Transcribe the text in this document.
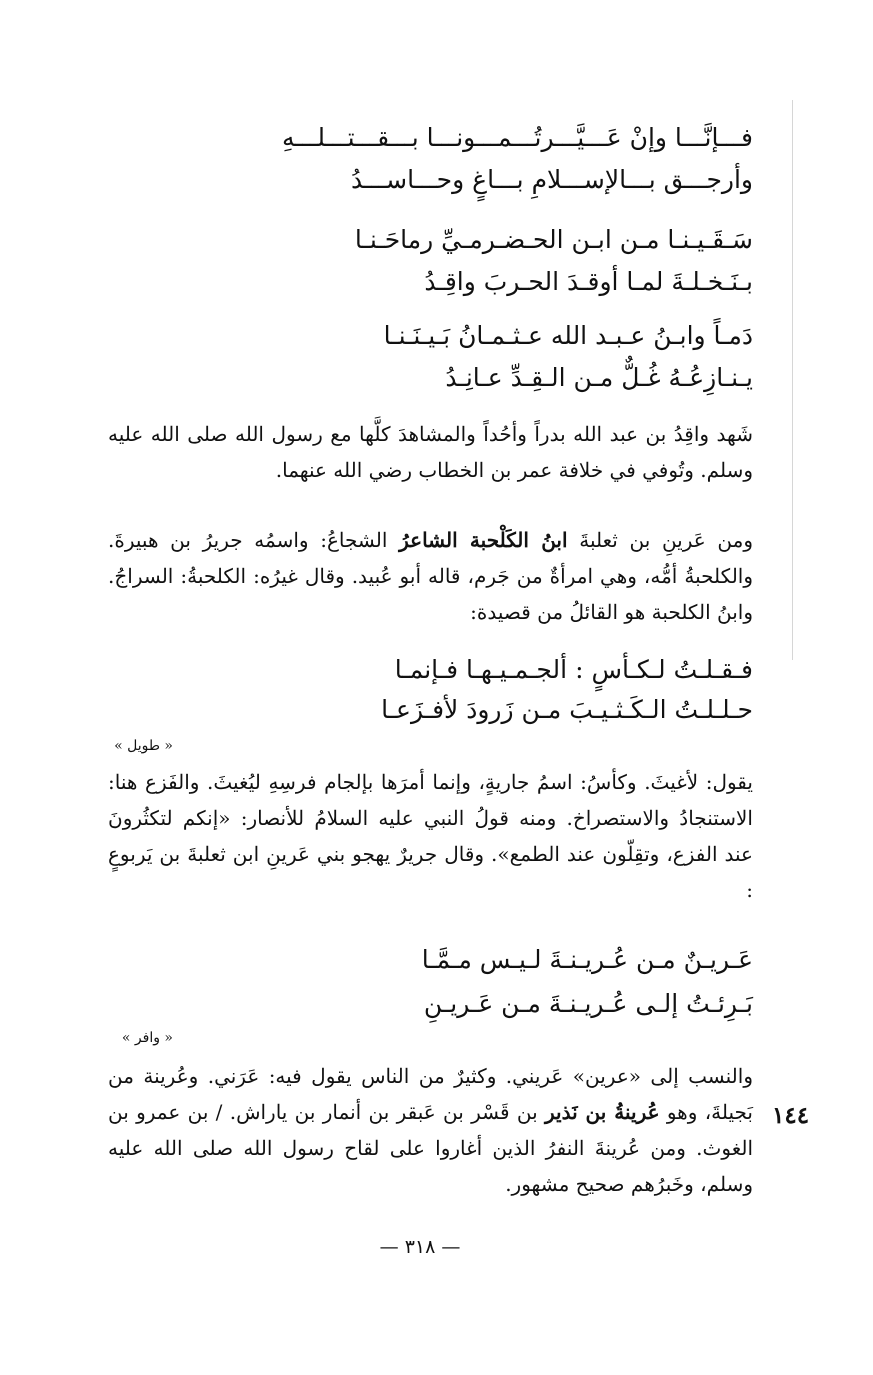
فـــإنَّـــا وإنْ عَـــيَّـــرتُـــمـــونـــا بـــقـــتـــلـــهِ
وأرجـــق بـــالإســـلامِ بـــاغٍ وحـــاســـدُ
سَـقَـيـنـا مـن ابـن الحـضـرمـيِّ رماحَـنـا
بـنَـخـلـةَ لمـا أوقـدَ الحـربَ واقِـدُ
دَمـاً وابـنُ عـبـد الله عـثـمـانُ بَـيـنَـنـا
يـنـازِعُـهُ غُـلٌّ مـن الـقِـدِّ عـانِـدُ
شَهد واقِدُ بن عبد الله بدراً وأحُداً والمشاهدَ كلَّها مع رسول الله صلى الله عليه وسلم. وتُوفي في خلافة عمر بن الخطاب رضي الله عنهما.
ومن عَرينِ بن ثعلبةَ ابنُ الكَلْحبة الشاعرُ الشجاعُ: واسمُه جريرُ بن هبيرةَ. والكلحبةُ أمُّه، وهي امرأةٌ من جَرم، قاله أبو عُبيد. وقال غيرُه: الكلحبةُ: السراجُ. وابنُ الكلحبة هو القائلُ من قصيدة:
فـقـلـتُ لـكـأسٍ : ألجـمـيـهـا فـإنمـا
حـلـلـتُ الـكَـثـيـبَ مـن زَرودَ لأفـزَعـا
« طويل »
يقول: لأغيثَ. وكأسُ: اسمُ جاريةٍ، وإنما أمرَها بإلجام فرسِهِ ليُغيثَ. والفَزع هنا: الاستنجادُ والاستصراخ. ومنه قولُ النبي عليه السلامُ للأنصار: «إنكم لتكثُرونَ عند الفزع، وتقِلّون عند الطمع». وقال جريرٌ يهجو بني عَرينِ ابن ثعلبةَ بن يَربوعٍ :
عَـريـنٌ مـن عُـريـنـةَ لـيـس مـمَّـا
بَـرِئـتُ إلـى عُـريـنـةَ مـن عَـريـنِ
« وافر »
والنسب إلى «عرين» عَريني. وكثيرٌ من الناس يقول فيه: عَرَني. وعُرينة من بَجيلةَ، وهو عُرينةُ بن نَذير بن قَسْر بن عَبقر بن أنمار بن ياراش. / بن عمرو بن الغوث. ومن عُرينةَ النفرُ الذين أغاروا على لقاح رسول الله صلى الله عليه وسلم، وخَبرُهم صحيح مشهور.
١٤٤
— ٣١٨ —
